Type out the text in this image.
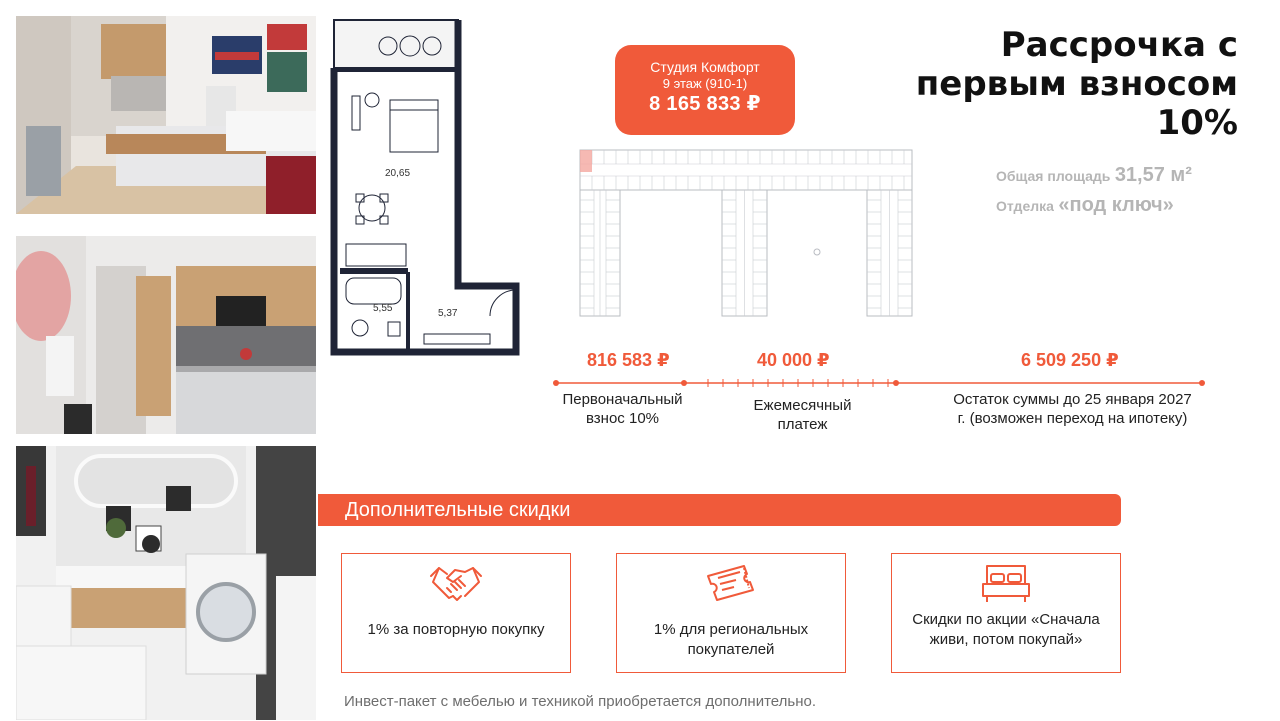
20,65
5,55	5,37
Студия Комфорт
9 этаж (910-1)
8 165 833 ₽
Рассрочка с
первым взносом
10%
Общая площадь 31,57 м²
Отделка «под ключ»
816 583 ₽	40 000 ₽	6 509 250 ₽
Первоначальный взнос 10%
Ежемесячный платеж
Остаток суммы до 25 января 2027 г. (возможен переход на ипотеку)
Дополнительные скидки
1% за повторную покупку	1% для региональных покупателей
Скидки по акции «Сначала живи, потом покупай»
Инвест-пакет с мебелью и техникой приобретается дополнительно.
